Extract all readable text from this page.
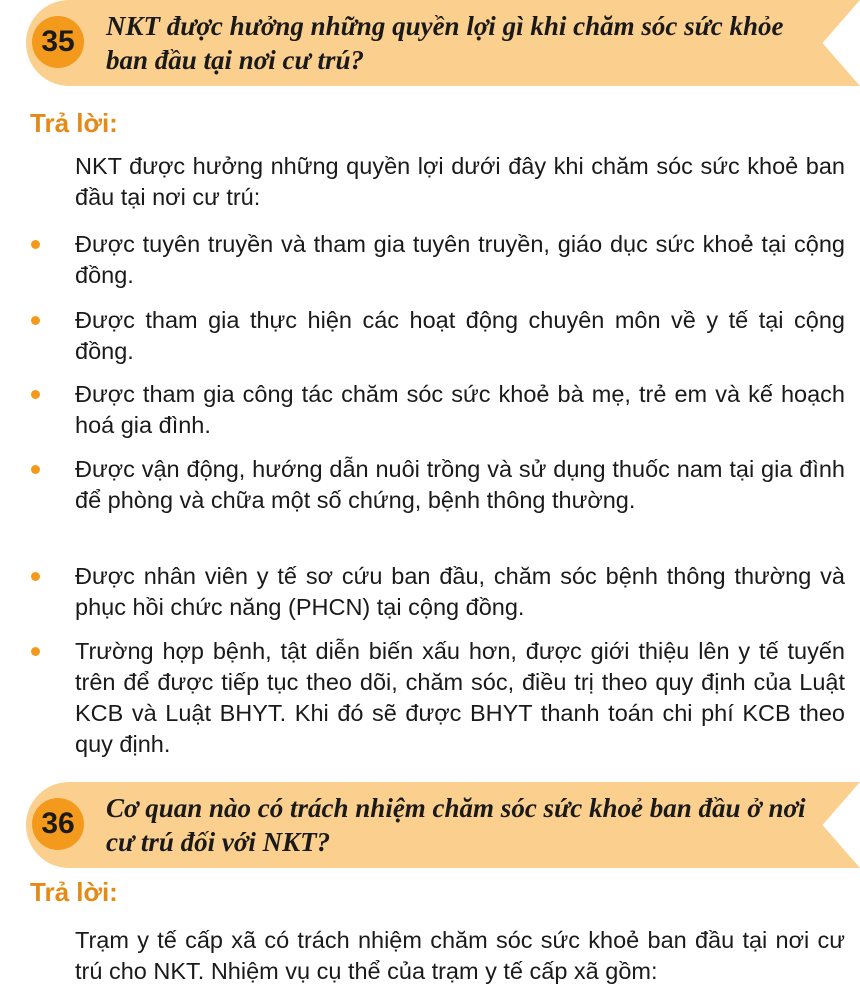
35	NKT được hưởng những quyền lợi gì khi chăm sóc sức khỏe ban đầu tại nơi cư trú?
Trả lời:

NKT được hưởng những quyền lợi dưới đây khi chăm sóc sức khoẻ ban đầu tại nơi cư trú:

Được tuyên truyền và tham gia tuyên truyền, giáo dục sức khoẻ tại cộng đồng.
Được tham gia thực hiện các hoạt động chuyên môn về y tế tại cộng đồng.
Được tham gia công tác chăm sóc sức khoẻ bà mẹ, trẻ em và kế hoạch hoá gia đình.
Được vận động, hướng dẫn nuôi trồng và sử dụng thuốc nam tại gia đình để phòng và chữa một số chứng, bệnh thông thường.
Được nhân viên y tế sơ cứu ban đầu, chăm sóc bệnh thông thường và phục hồi chức năng (PHCN) tại cộng đồng.
Trường hợp bệnh, tật diễn biến xấu hơn, được giới thiệu lên y tế tuyến trên để được tiếp tục theo dõi, chăm sóc, điều trị theo quy định của Luật KCB và Luật BHYT. Khi đó sẽ được BHYT thanh toán chi phí KCB theo quy định.
36	Cơ quan nào có trách nhiệm chăm sóc sức khoẻ ban đầu ở nơi cư trú đối với NKT?
Trả lời:

Trạm y tế cấp xã có trách nhiệm chăm sóc sức khoẻ ban đầu tại nơi cư trú cho NKT. Nhiệm vụ cụ thể của trạm y tế cấp xã gồm:
